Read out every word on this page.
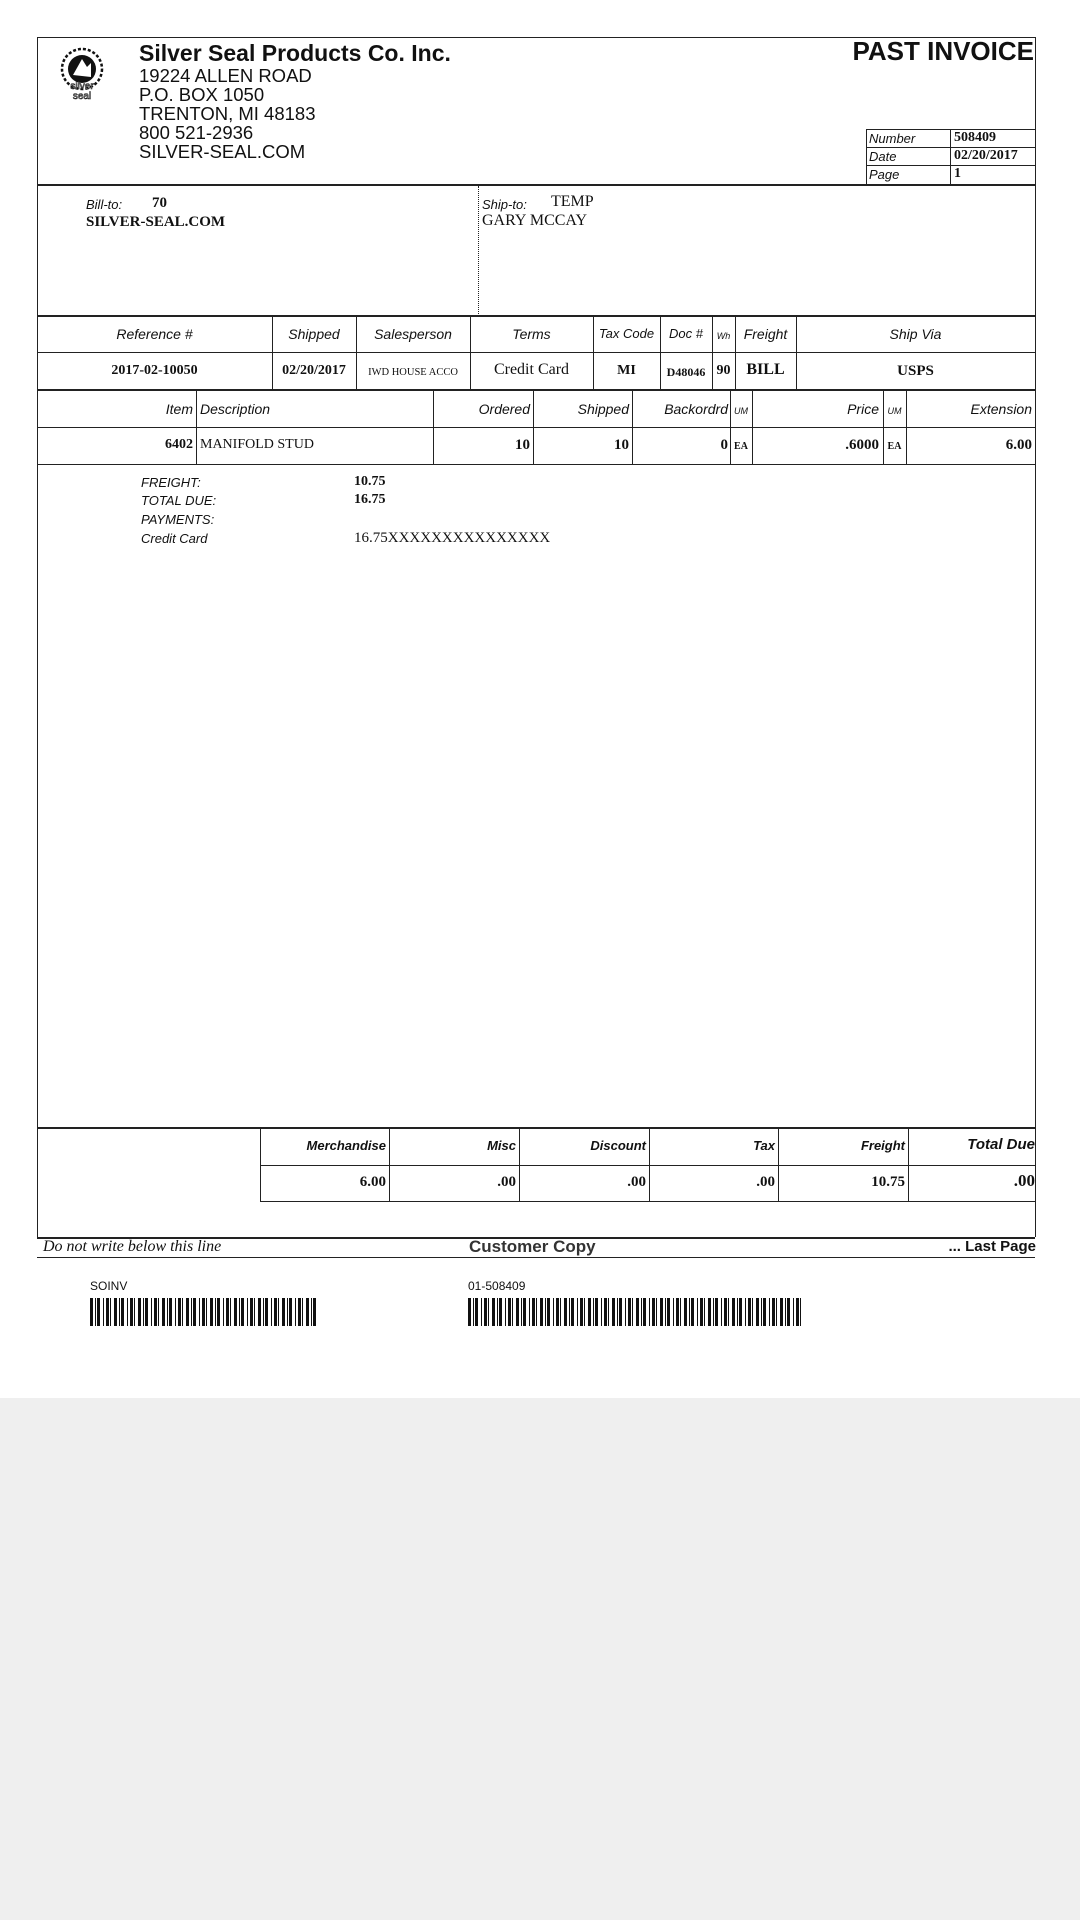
silver
seal
Silver Seal Products Co. Inc.
19224 ALLEN ROAD
P.O. BOX 1050
TRENTON, MI 48183
800 521-2936
SILVER-SEAL.COM
PAST INVOICE
Number	508409
Date	02/20/2017
Page	1
Bill-to: 70
SILVER-SEAL.COM
Ship-to: TEMP
GARY MCCAY
Reference #	Shipped	Salesperson	Terms	Tax Code	Doc #	Wh Freight	Ship Via
2017-02-10050	02/20/2017	IWD HOUSE ACCO	Credit Card	MI	D48046 90 BILL	USPS
Item Description	Ordered	Shipped	Backordrd UM	Price UM	Extension
6402 MANIFOLD STUD	10	10	0 EA	.6000 EA	6.00
FREIGHT:	10.75
TOTAL DUE:	16.75
PAYMENTS:
Credit Card	16.75XXXXXXXXXXXXXXX
Merchandise	Misc	Discount	Tax	Freight	Total Due
6.00	.00	.00	.00	10.75	.00
Do not write below this line	Customer Copy	... Last Page
SOINV	01-508409
